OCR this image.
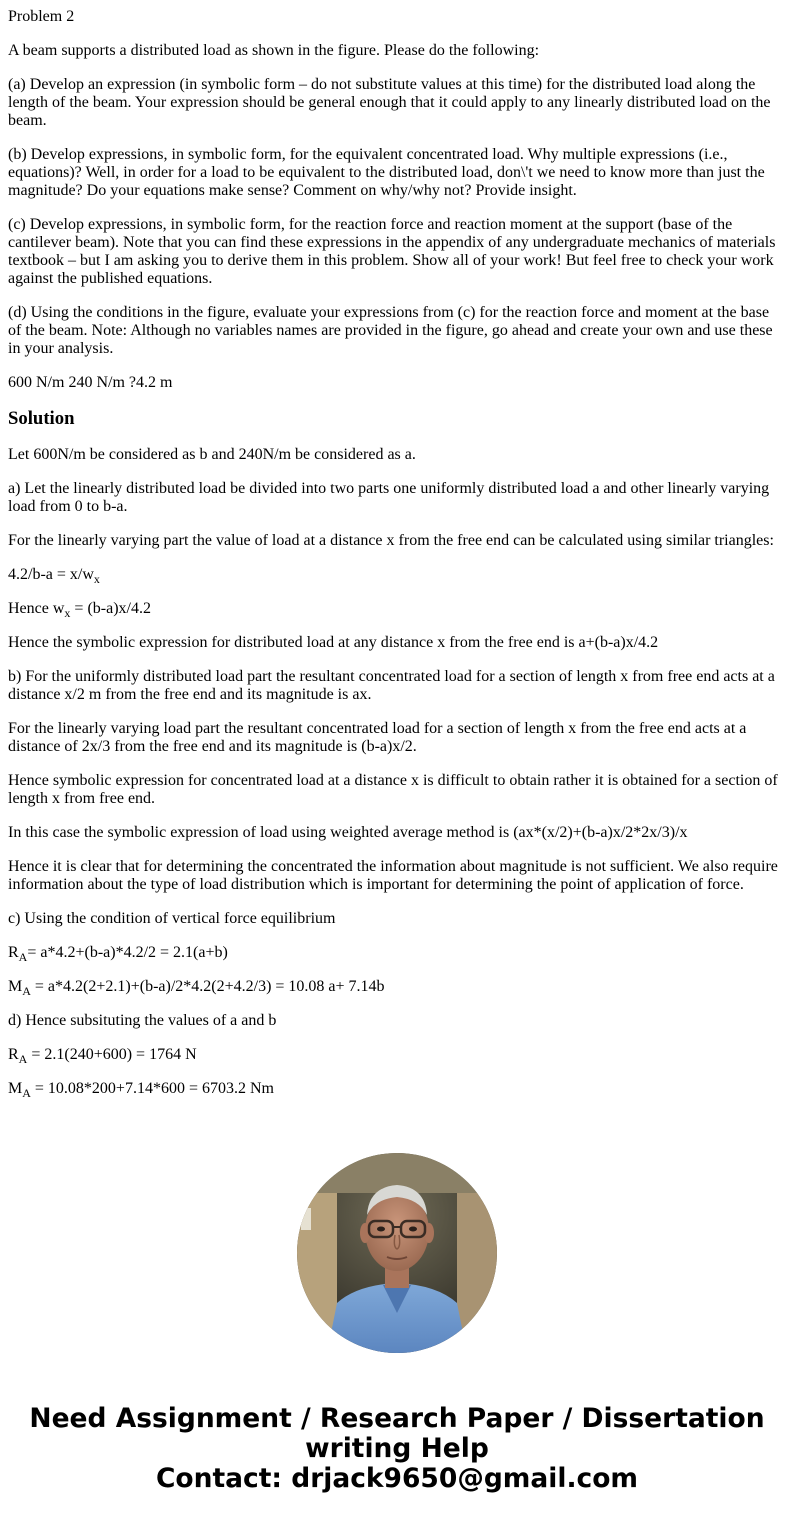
Problem 2

A beam supports a distributed load as shown in the figure. Please do the following:

(a) Develop an expression (in symbolic form – do not substitute values at this time) for the distributed load along the length of the beam. Your expression should be general enough that it could apply to any linearly distributed load on the beam.

(b) Develop expressions, in symbolic form, for the equivalent concentrated load. Why multiple expressions (i.e., equations)? Well, in order for a load to be equivalent to the distributed load, don\'t we need to know more than just the magnitude? Do your equations make sense? Comment on why/why not? Provide insight.

(c) Develop expressions, in symbolic form, for the reaction force and reaction moment at the support (base of the cantilever beam). Note that you can find these expressions in the appendix of any undergraduate mechanics of materials textbook – but I am asking you to derive them in this problem. Show all of your work! But feel free to check your work against the published equations.

(d) Using the conditions in the figure, evaluate your expressions from (c) for the reaction force and moment at the base of the beam. Note: Although no variables names are provided in the figure, go ahead and create your own and use these in your analysis.

600 N/m 240 N/m ?4.2 m

Solution

Let 600N/m be considered as b and 240N/m be considered as a.

a) Let the linearly distributed load be divided into two parts one uniformly distributed load a and other linearly varying load from 0 to b-a.

For the linearly varying part the value of load at a distance x from the free end can be calculated using similar triangles:

$4.2/b-a = x/w_x$

Hence $w_x = (b-a)x/4.2$

Hence the symbolic expression for distributed load at any distance x from the free end is a+(b-a)x/4.2

b) For the uniformly distributed load part the resultant concentrated load for a section of length x from free end acts at a distance x/2 m from the free end and its magnitude is ax.

For the linearly varying load part the resultant concentrated load for a section of length x from the free end acts at a distance of 2x/3 from the free end and its magnitude is (b-a)x/2.

Hence symbolic expression for concentrated load at a distance x is difficult to obtain rather it is obtained for a section of length x from free end.

In this case the symbolic expression of load using weighted average method is (ax*(x/2)+(b-a)x/2*2x/3)/x

Hence it is clear that for determining the concentrated the information about magnitude is not sufficient. We also require information about the type of load distribution which is important for determining the point of application of force.

c) Using the condition of vertical force equilibrium

$R_A= a*4.2+(b-a)*4.2/2 = 2.1(a+b)$

$M_A = a*4.2(2+2.1)+(b-a)/2*4.2(2+4.2/3) = 10.08$ a+ 7.14b

d) Hence subsituting the values of a and b

$R_A = 2.1(240+600) = 1764$ N

$M_A = 10.08*200+7.14*600 = 6703.2$ Nm

Need Assignment / Research Paper / Dissertation
writing Help
Contact: drjack9650@gmail.com
